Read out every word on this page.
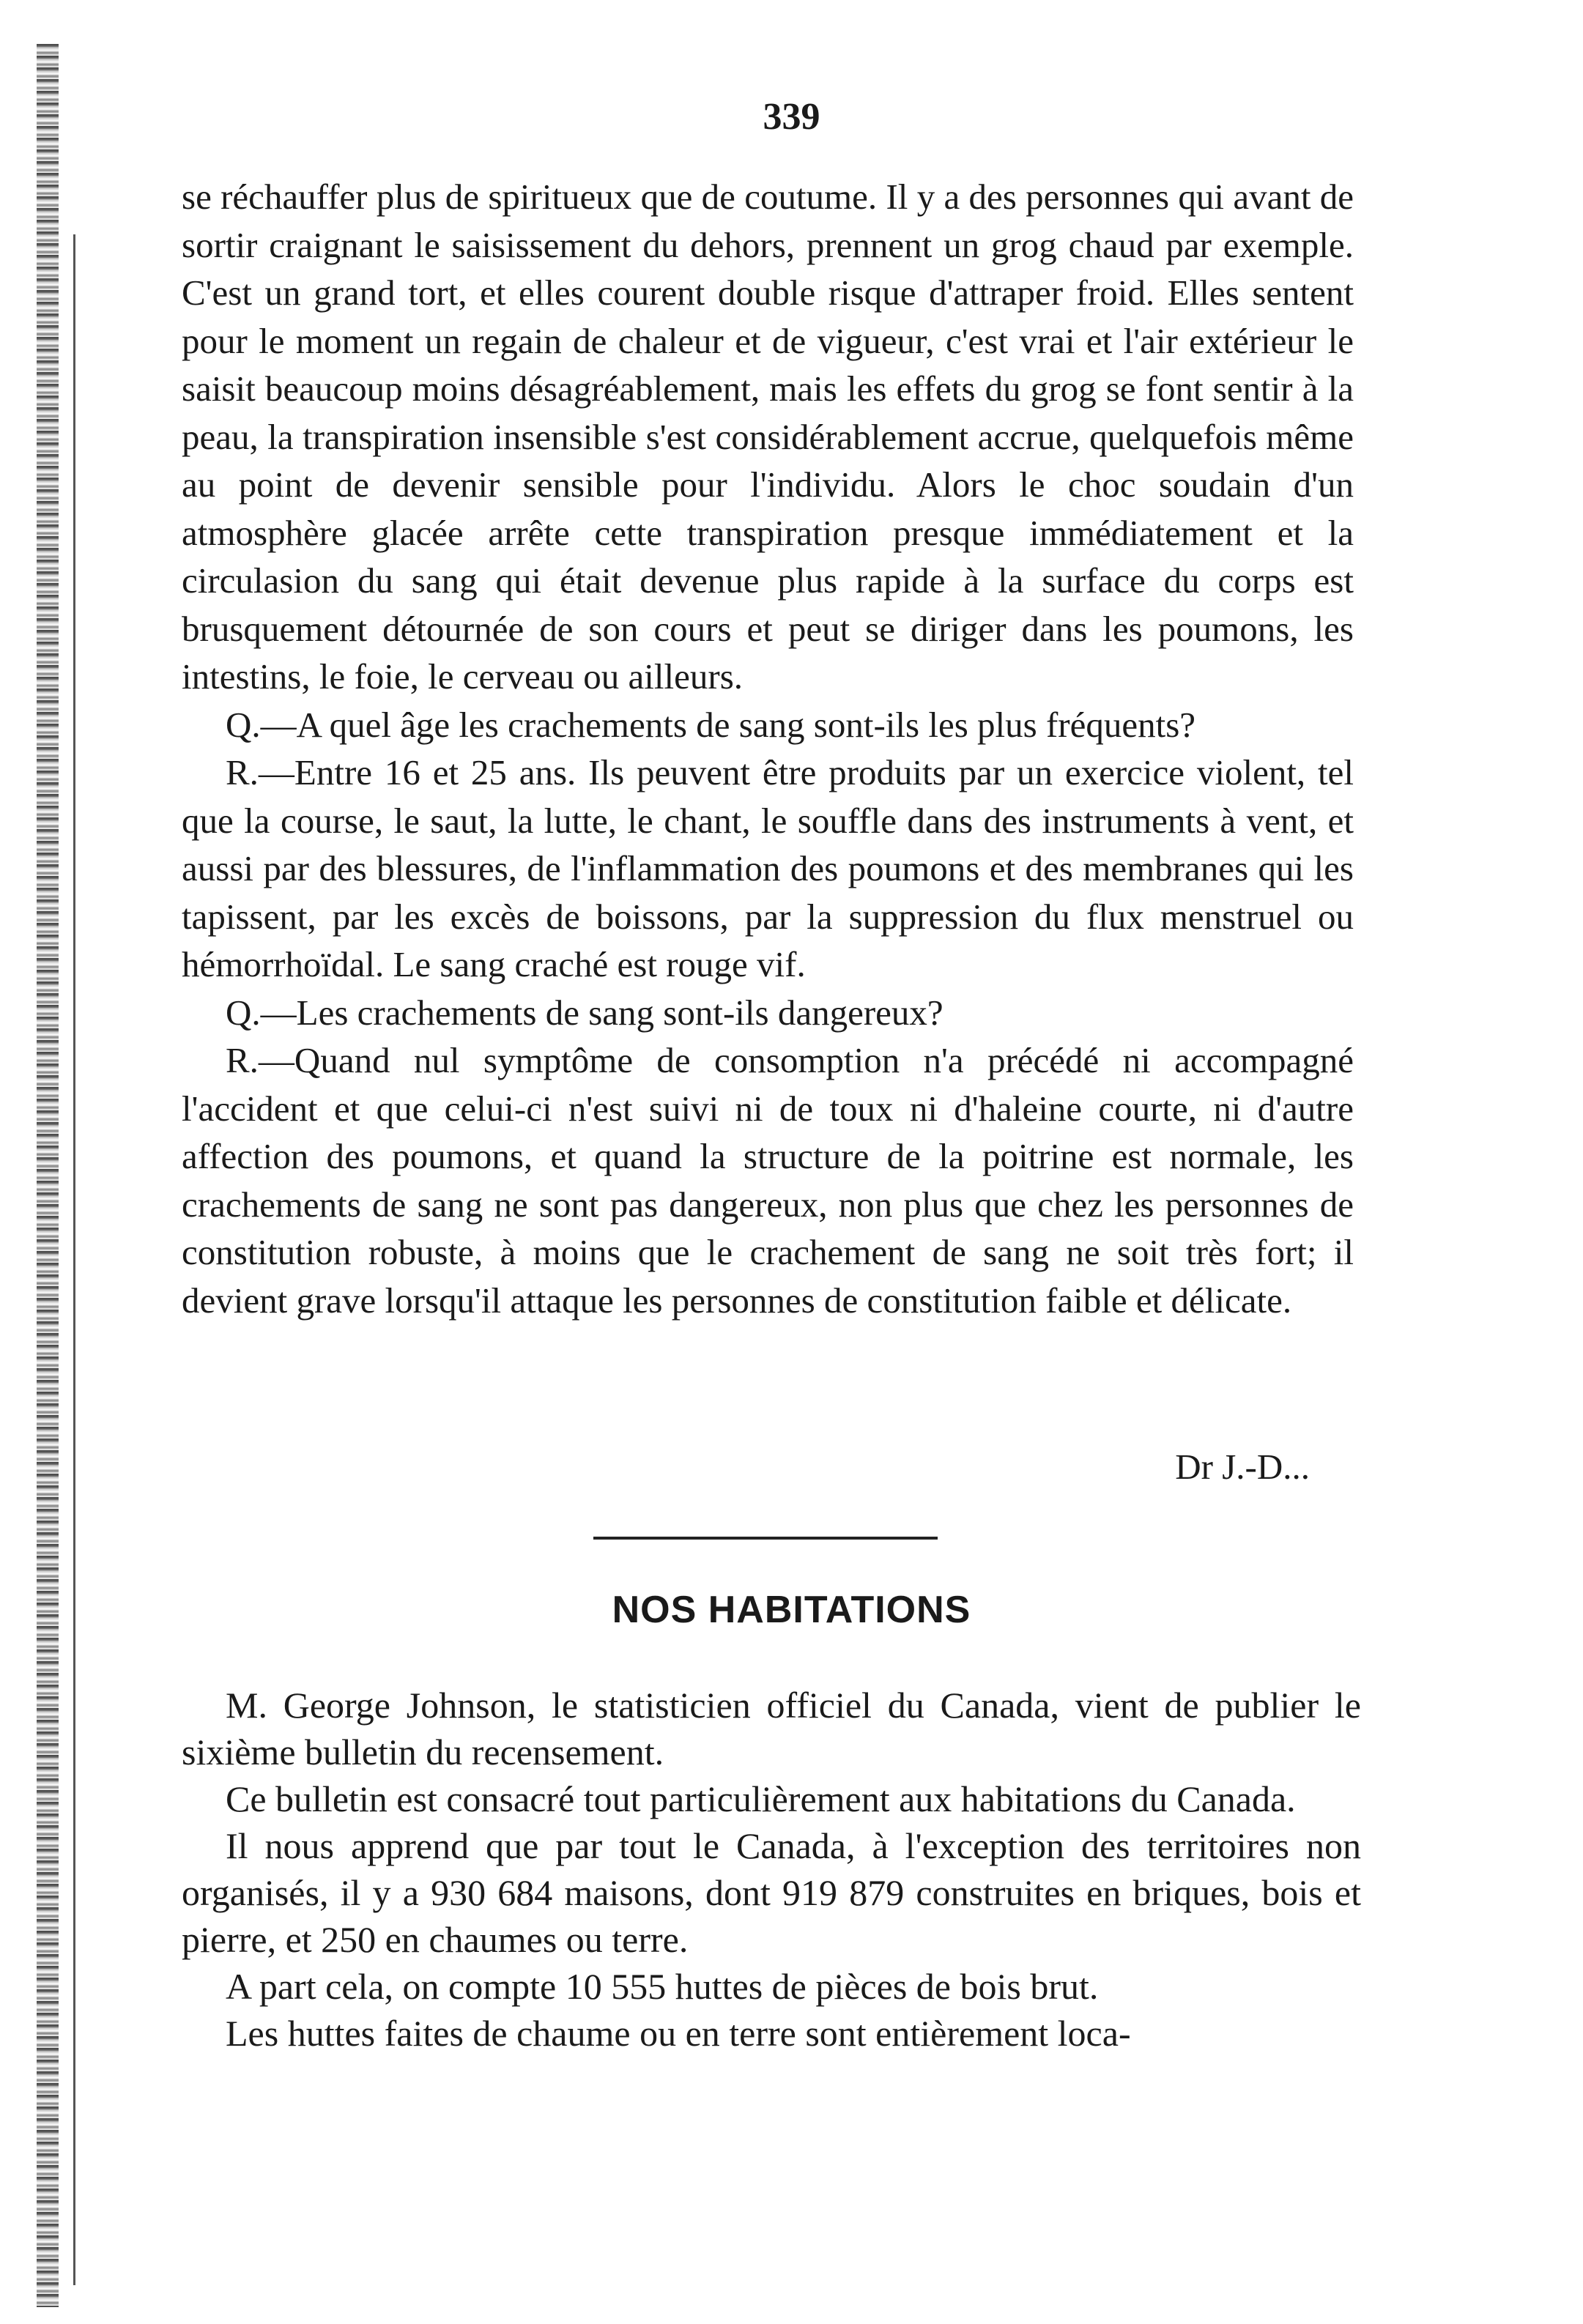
339

se réchauffer plus de spiritueux que de coutume. Il y a des personnes qui avant de sortir craignant le saisissement du dehors, prennent un grog chaud par exemple. C'est un grand tort, et elles courent double risque d'attraper froid. Elles sentent pour le moment un regain de chaleur et de vigueur, c'est vrai et l'air extérieur le saisit beaucoup moins désagréablement, mais les effets du grog se font sentir à la peau, la transpiration insensible s'est considérablement accrue, quelquefois même au point de devenir sensible pour l'individu. Alors le choc soudain d'un atmosphère glacée arrête cette transpiration presque immédiatement et la circulasion du sang qui était devenue plus rapide à la surface du corps est brusquement détournée de son cours et peut se diriger dans les poumons, les intestins, le foie, le cerveau ou ailleurs.

Q.—A quel âge les crachements de sang sont-ils les plus fréquents?

R.—Entre 16 et 25 ans. Ils peuvent être produits par un exercice violent, tel que la course, le saut, la lutte, le chant, le souffle dans des instruments à vent, et aussi par des blessures, de l'inflammation des poumons et des membranes qui les tapissent, par les excès de boissons, par la suppression du flux menstruel ou hémorrhoïdal. Le sang craché est rouge vif.

Q.—Les crachements de sang sont-ils dangereux?

R.—Quand nul symptôme de consomption n'a précédé ni accompagné l'accident et que celui-ci n'est suivi ni de toux ni d'haleine courte, ni d'autre affection des poumons, et quand la structure de la poitrine est normale, les crachements de sang ne sont pas dangereux, non plus que chez les personnes de constitution robuste, à moins que le crachement de sang ne soit très fort; il devient grave lorsqu'il attaque les personnes de constitution faible et délicate.

Dr J.-D...
NOS HABITATIONS

M. George Johnson, le statisticien officiel du Canada, vient de publier le sixième bulletin du recensement.

Ce bulletin est consacré tout particulièrement aux habitations du Canada.

Il nous apprend que par tout le Canada, à l'exception des territoires non organisés, il y a 930 684 maisons, dont 919 879 construites en briques, bois et pierre, et 250 en chaumes ou terre.

A part cela, on compte 10 555 huttes de pièces de bois brut.

Les huttes faites de chaume ou en terre sont entièrement loca-
